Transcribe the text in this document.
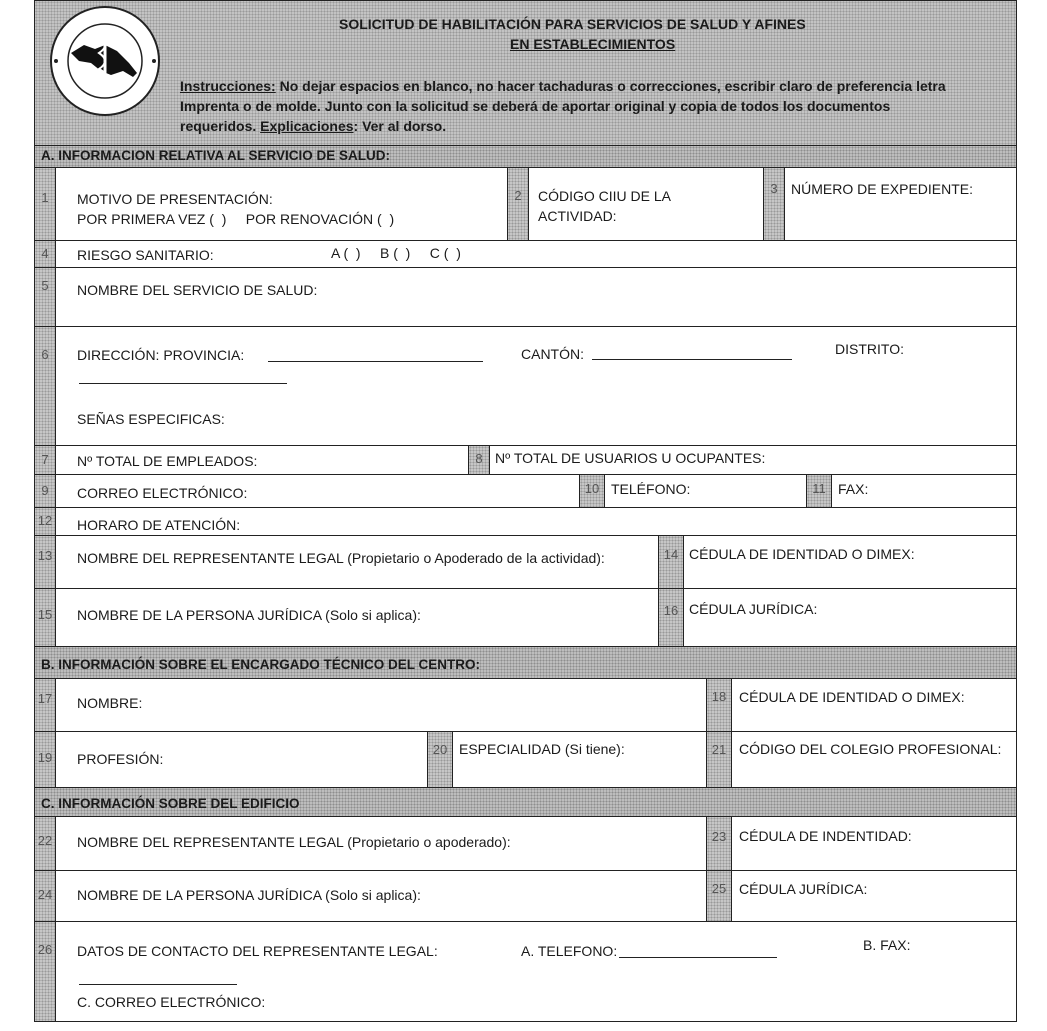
SOLICITUD DE HABILITACIÓN PARA SERVICIOS DE SALUD Y AFINES
EN ESTABLECIMIENTOS
Instrucciones: No dejar espacios en blanco, no hacer tachaduras o correcciones, escribir claro de preferencia letra
Imprenta o de molde. Junto con la solicitud se deberá de aportar original y copia de todos los documentos
requeridos. Explicaciones: Ver al dorso.
A. INFORMACION RELATIVA AL SERVICIO DE SALUD:
1	MOTIVO DE PRESENTACIÓN:
POR PRIMERA VEZ (  )     POR RENOVACIÓN (  )
2	CÓDIGO CIIU DE LA
ACTIVIDAD:
3 NÚMERO DE EXPEDIENTE:
4	RIESGO SANITARIO:	A (  )     B (  )     C (  )
5	NOMBRE DEL SERVICIO DE SALUD:
6	DIRECCIÓN: PROVINCIA:	CANTÓN:	DISTRITO:
SEÑAS ESPECIFICAS:
7	Nº TOTAL DE EMPLEADOS:	8 Nº TOTAL DE USUARIOS U OCUPANTES:
9	CORREO ELECTRÓNICO:	10 TELÉFONO:	11 FAX:
12 HORARO DE ATENCIÓN:
13 NOMBRE DEL REPRESENTANTE LEGAL (Propietario o Apoderado de la actividad):	14 CÉDULA DE IDENTIDAD O DIMEX:
15 NOMBRE DE LA PERSONA JURÍDICA (Solo si aplica):	16 CÉDULA JURÍDICA:
B. INFORMACIÓN SOBRE EL ENCARGADO TÉCNICO DEL CENTRO:
17 NOMBRE:	18 CÉDULA DE IDENTIDAD O DIMEX:
19 PROFESIÓN:
20 ESPECIALIDAD (Si tiene):	21 CÓDIGO DEL COLEGIO PROFESIONAL:
C. INFORMACIÓN SOBRE DEL EDIFICIO
22 NOMBRE DEL REPRESENTANTE LEGAL (Propietario o apoderado):	23 CÉDULA DE INDENTIDAD:
24 NOMBRE DE LA PERSONA JURÍDICA (Solo si aplica):	25 CÉDULA JURÍDICA:
26 DATOS DE CONTACTO DEL REPRESENTANTE LEGAL:	A. TELEFONO:	B. FAX:
C. CORREO ELECTRÓNICO:
